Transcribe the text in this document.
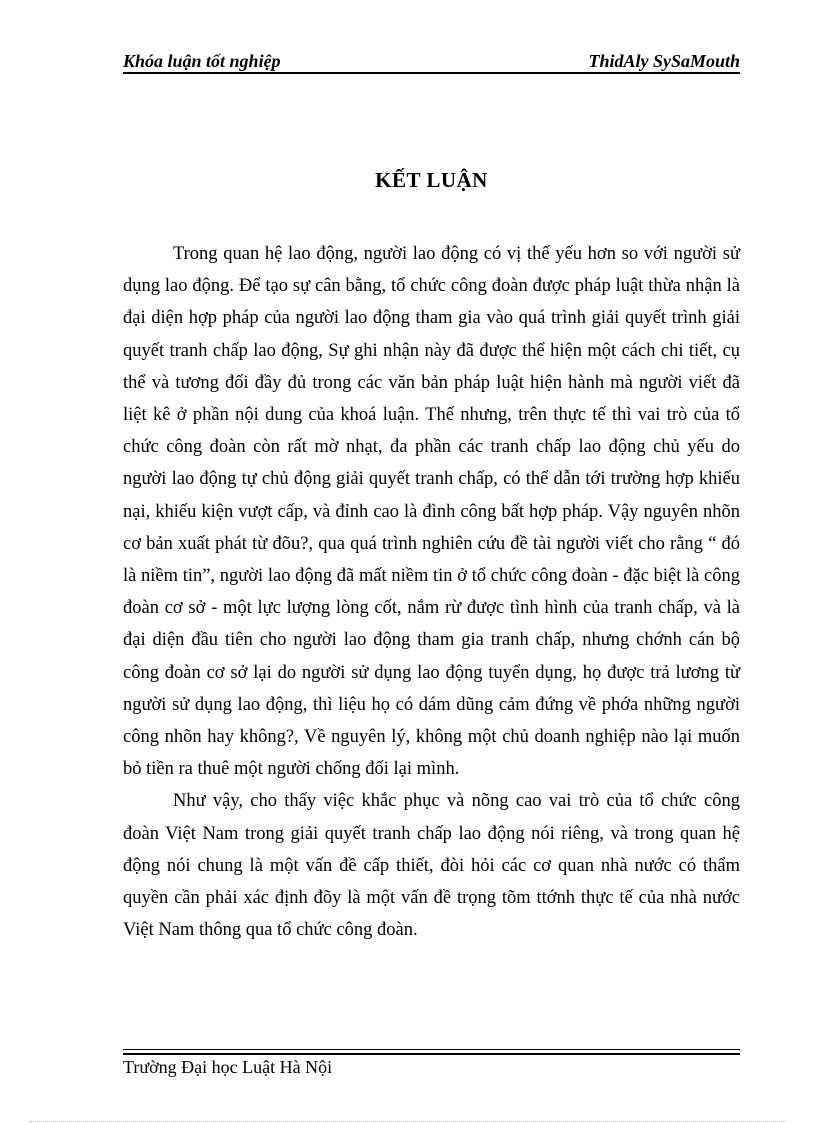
Khóa luận tốt nghiệp	ThidAly SySaMouth
KẾT LUẬN

Trong quan hệ lao động, người lao động có vị thế yếu hơn so với người sử dụng lao động. Để tạo sự cân bằng, tổ chức công đoàn được pháp luật thừa nhận là đại diện hợp pháp của người lao động tham gia vào quá trình giải quyết trình giải quyết tranh chấp lao động, Sự ghi nhận này đã được thể hiện một cách chi tiết, cụ thể và tương đối đầy đủ trong các văn bản pháp luật hiện hành mà người viết đã liệt kê ở phần nội dung của khoá luận. Thế nhưng, trên thực tế thì vai trò của tổ chức công đoàn còn rất mờ nhạt, đa phần các tranh chấp lao động chủ yếu do người lao động tự chủ động giải quyết tranh chấp, có thể dẫn tới trường hợp khiếu nại, khiếu kiện vượt cấp, và đỉnh cao là đình công bất hợp pháp. Vậy nguyên nhõn cơ bản xuất phát từ đõu?, qua quá trình nghiên cứu đề tài người viết cho rằng “ đó là niềm tin”, người lao động đã mất niềm tin ở tổ chức công đoàn - đặc biệt là công đoàn cơ sở - một lực lượng lòng cốt, nắm rừ được tình hình của tranh chấp, và là đại diện đầu tiên cho người lao động tham gia tranh chấp, nhưng chớnh cán bộ công đoàn cơ sở lại do người sử dụng lao động tuyển dụng, họ được trả lương từ người sử dụng lao động, thì liệu họ có dám dũng cảm đứng về phớa những người công nhõn hay không?, Về nguyên lý, không một chủ doanh nghiệp nào lại muốn bỏ tiền ra thuê một người chống đối lại mình.

Như vậy, cho thấy việc khắc phục và nõng cao vai trò của tổ chức công đoàn Việt Nam trong giải quyết tranh chấp lao động nói riêng, và trong quan hệ động nói chung là một vấn đề cấp thiết, đòi hỏi các cơ quan nhà nước có thẩm quyền cần phải xác định đõy là một vấn đề trọng tõm ttớnh thực tế của nhà nước Việt Nam thông qua tổ chức công đoàn.

Trường Đại học Luật Hà Nội
